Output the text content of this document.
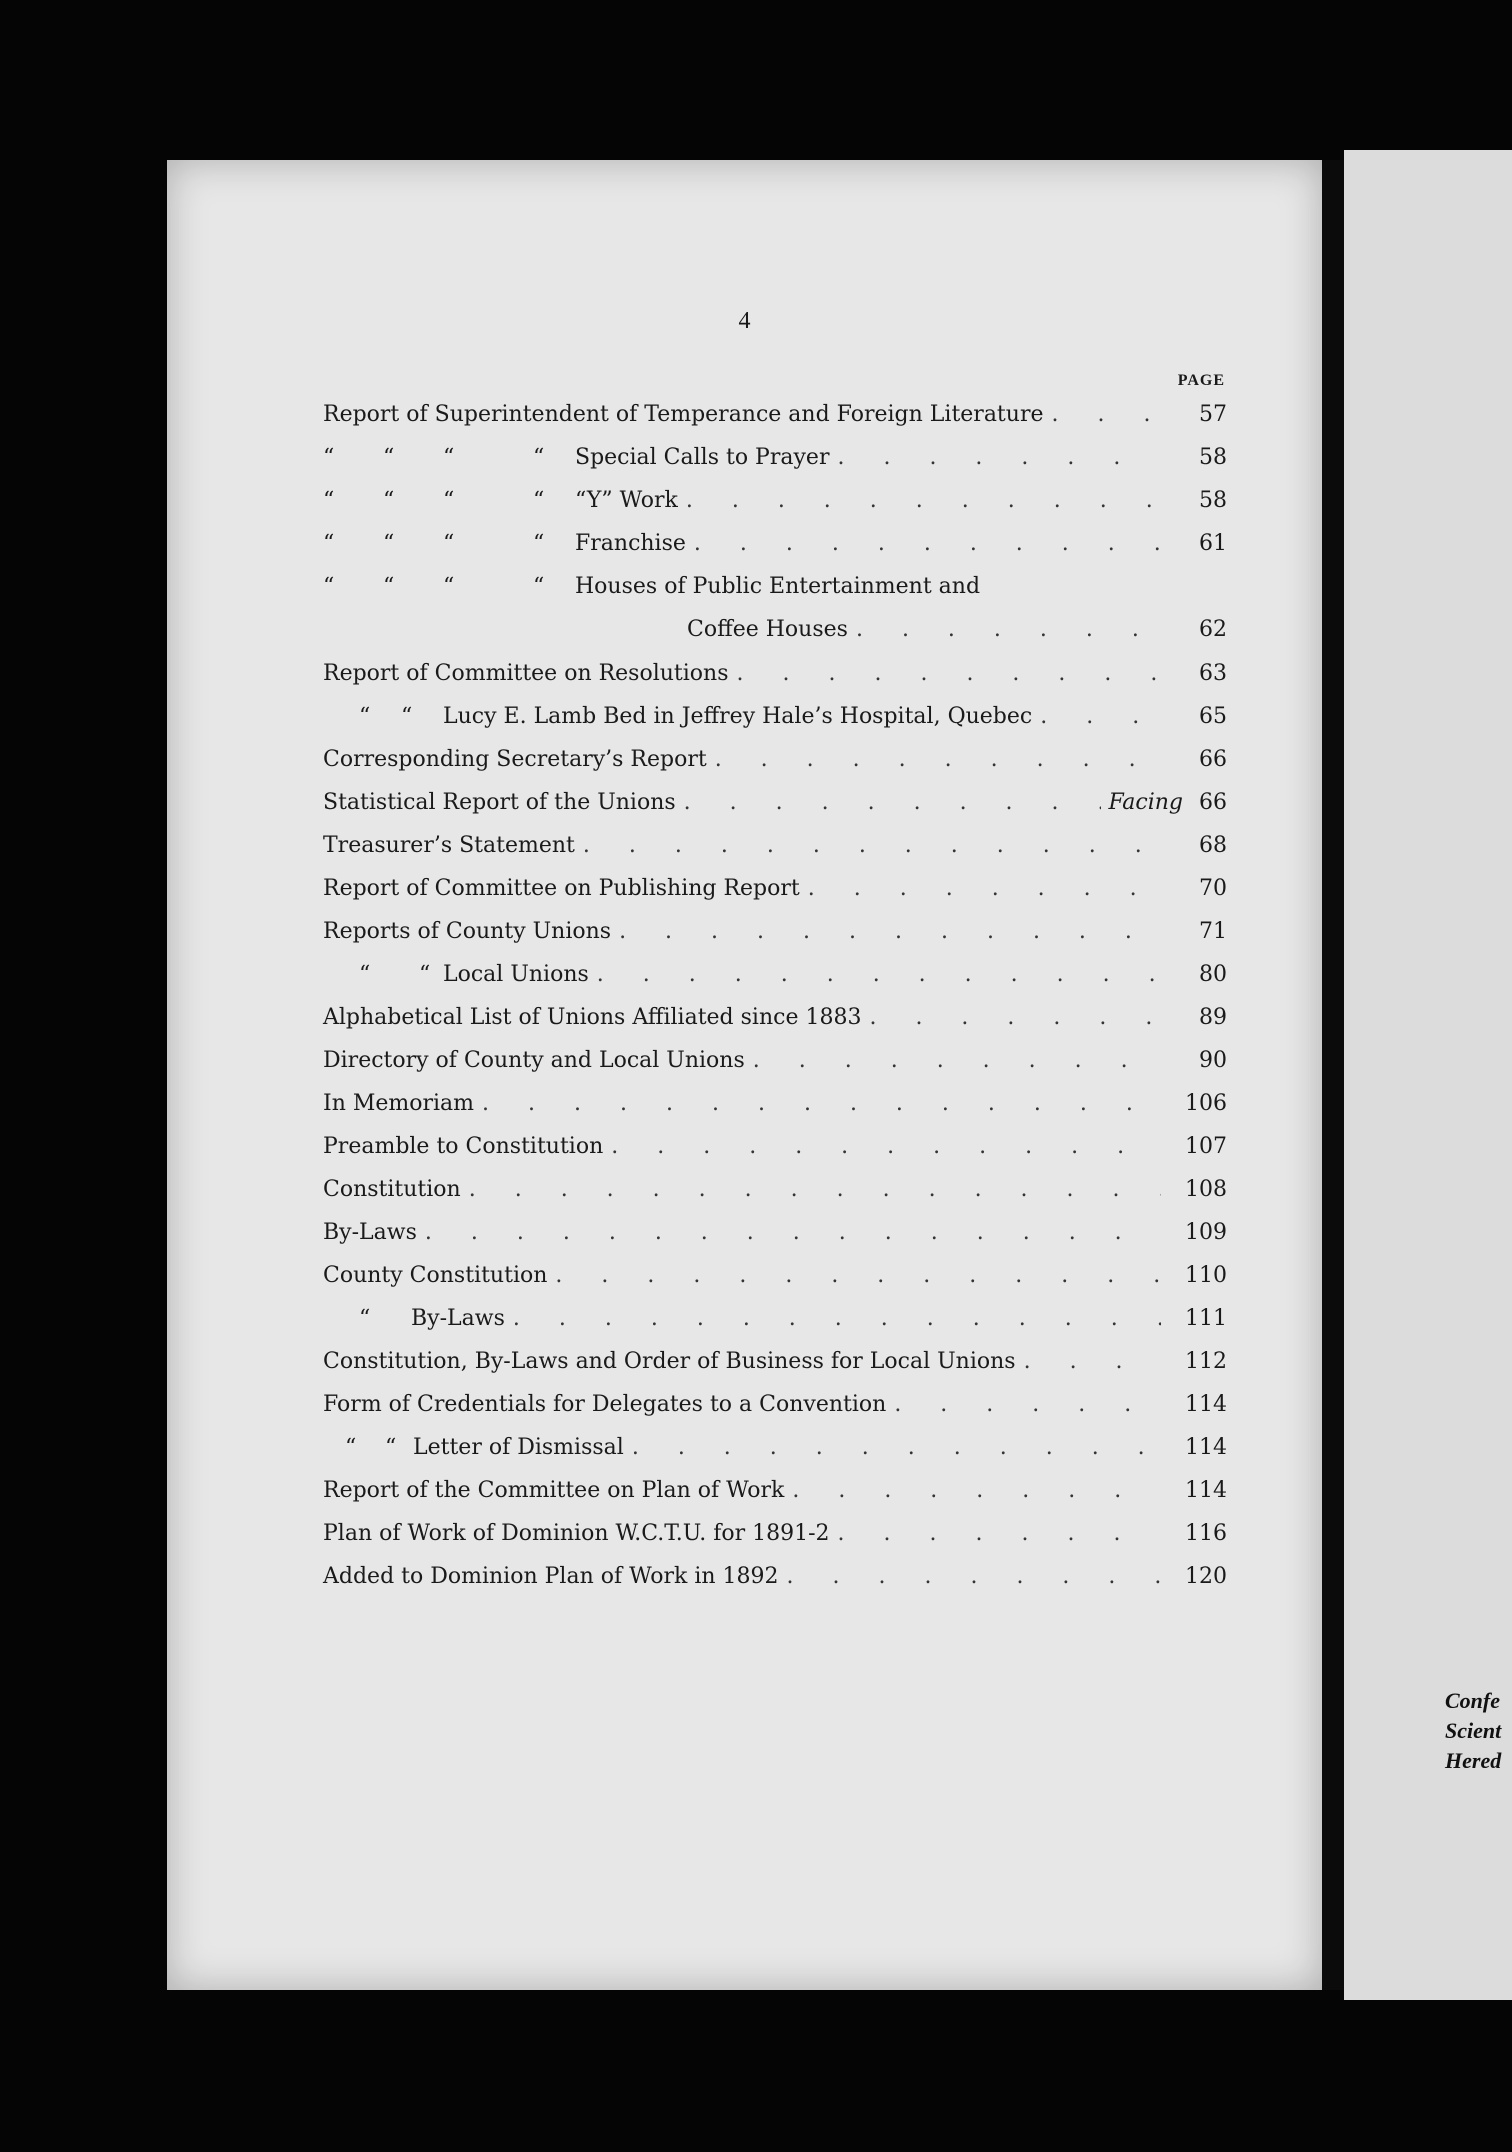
4
PAGE
Report of Superintendent of Temperance and Foreign Literature . . .	57
“ “ “	“ Special Calls to Prayer . . .	58
“ “ “	“ “Y” Work . . .	58
“ “ “	“ Franchise . . .	61
“ “ “	“ Houses of Public Entertainment and
Coffee Houses . . .	62
Report of Committee on Resolutions . . .	63
“ “ Lucy E. Lamb Bed in Jeffrey Hale’s Hospital, Quebec . . .	65
Corresponding Secretary’s Report . . .	66
Statistical Report of the Unions . . .	Facing 66
Treasurer’s Statement . . .	68
Report of Committee on Publishing Report . . .	70
Reports of County Unions . . .	71
“ “ Local Unions . . .	80
Alphabetical List of Unions Affiliated since 1883 . . .	89
Directory of County and Local Unions . . .	90
In Memoriam . . .	106
Preamble to Constitution . . .	107
Constitution . . .	108
By-Laws . . .	109
County Constitution . . .	110
“ By-Laws . . .	111
Constitution, By-Laws and Order of Business for Local Unions . . .	112
Form of Credentials for Delegates to a Convention . . .	114
“ “ Letter of Dismissal . . .	114
Report of the Committee on Plan of Work . . .	114
Plan of Work of Dominion W.C.T.U. for 1891-2 . . .	116
Added to Dominion Plan of Work in 1892 . . .	120
Confe
Scient
Hered
